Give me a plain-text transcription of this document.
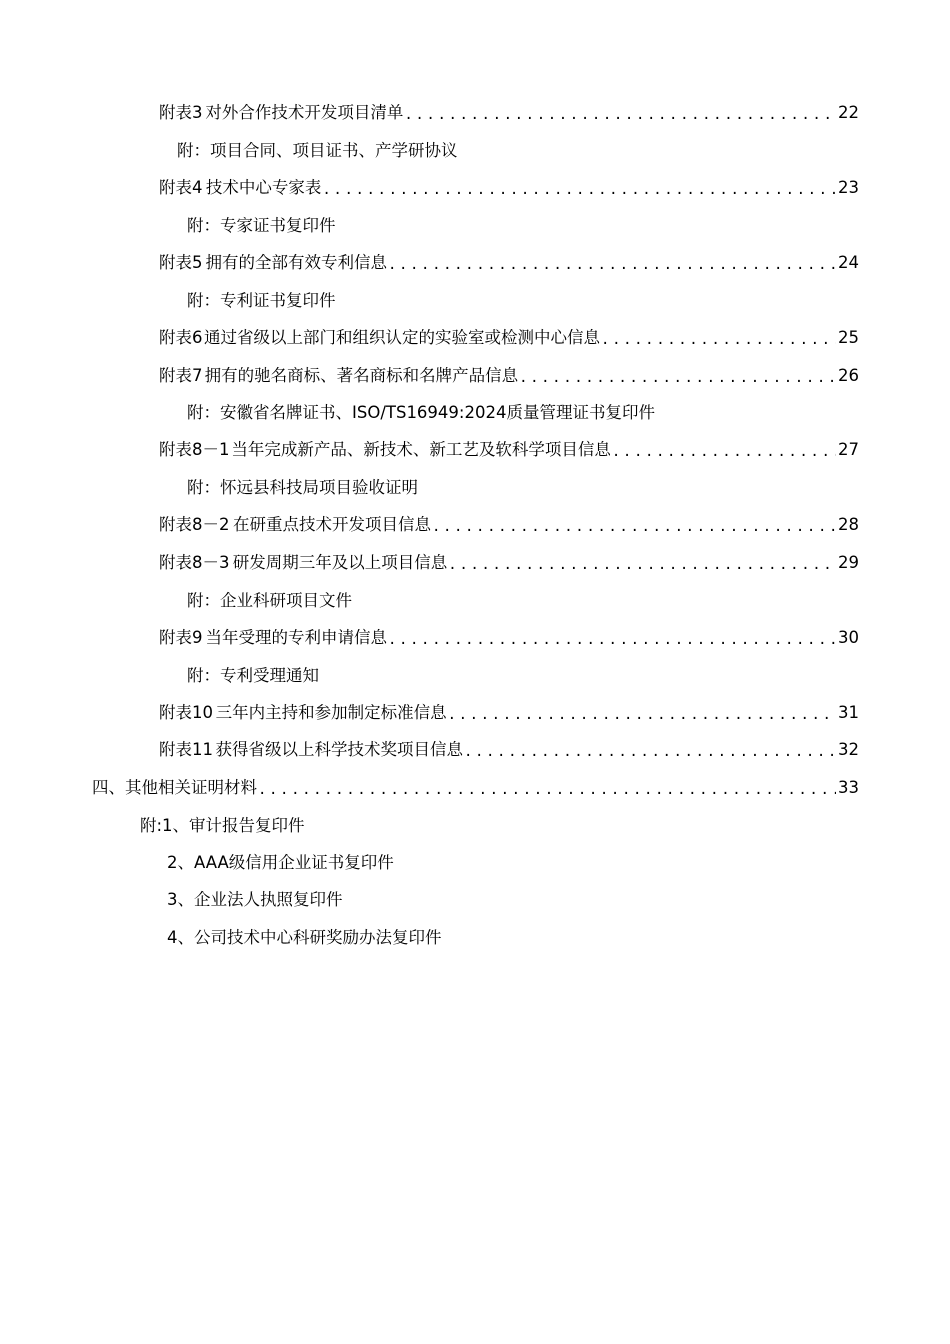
附表3 对外合作技术开发项目清单 .....	22
附：项目合同、项目证书、产学研协议
附表4 技术中心专家表 .....	23
附：专家证书复印件
附表5 拥有的全部有效专利信息 .....	24
附：专利证书复印件
附表6 通过省级以上部门和组织认定的实验室或检测中心信息 .....	25
附表7 拥有的驰名商标、著名商标和名牌产品信息 .....	26
附：安徽省名牌证书、ISO/TS16949:2024质量管理证书复印件
附表8－1 当年完成新产品、新技术、新工艺及软科学项目信息 .....	27
附：怀远县科技局项目验收证明
附表8－2 在研重点技术开发项目信息 .....	28
附表8－3 研发周期三年及以上项目信息 .....	29
附：企业科研项目文件
附表9 当年受理的专利申请信息 .....	30
附：专利受理通知
附表10 三年内主持和参加制定标准信息 .....	31
附表11 获得省级以上科学技术奖项目信息 .....	32
四、其他相关证明材料 .....	33
附:1、审计报告复印件
2、AAA级信用企业证书复印件
3、企业法人执照复印件
4、公司技术中心科研奖励办法复印件
